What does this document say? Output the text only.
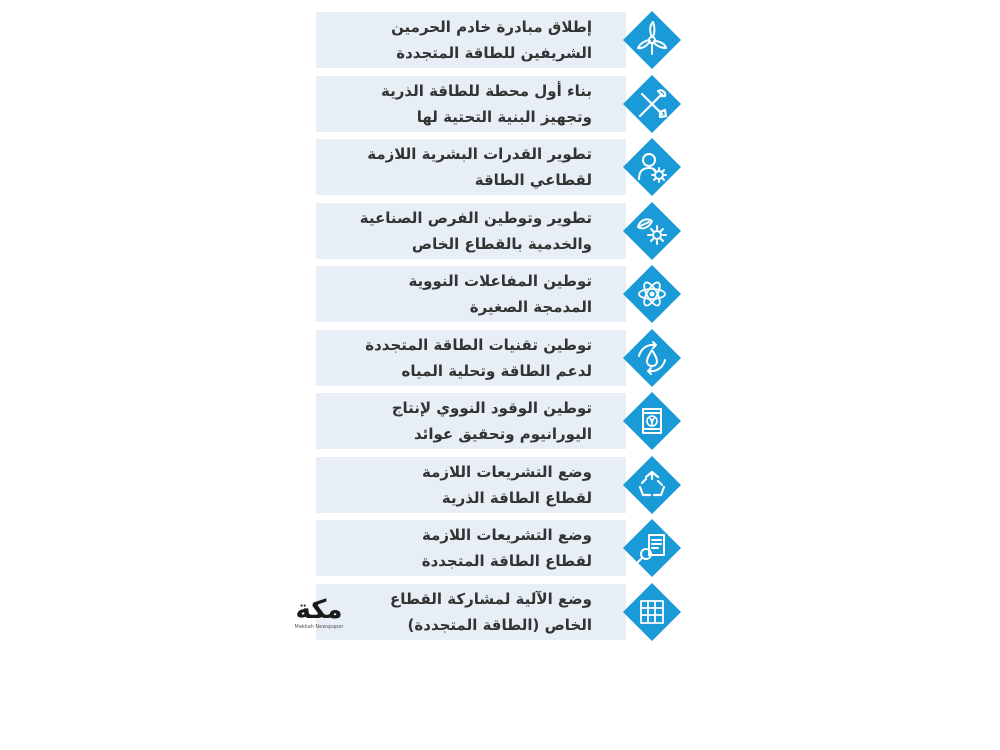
إطلاق مبادرة خادم الحرمين
الشريفين للطاقة المتجددة
بناء أول محطة للطاقة الذرية
وتجهيز البنية التحتية لها
تطوير القدرات البشرية اللازمة
لقطاعي الطاقة
تطوير وتوطين الفرص الصناعية
والخدمية بالقطاع الخاص
توطين المفاعلات النووية
المدمجة الصغيرة
توطين تقنيات الطاقة المتجددة
لدعم الطاقة وتحلية المياه
توطين الوقود النووي لإنتاج
اليورانيوم وتحقيق عوائد
وضع التشريعات اللازمة
لقطاع الطاقة الذرية
وضع التشريعات اللازمة
لقطاع الطاقة المتجددة
وضع الآلية لمشاركة القطاع
الخاص (الطاقة المتجددة)
مكة
Makkah Newspaper
